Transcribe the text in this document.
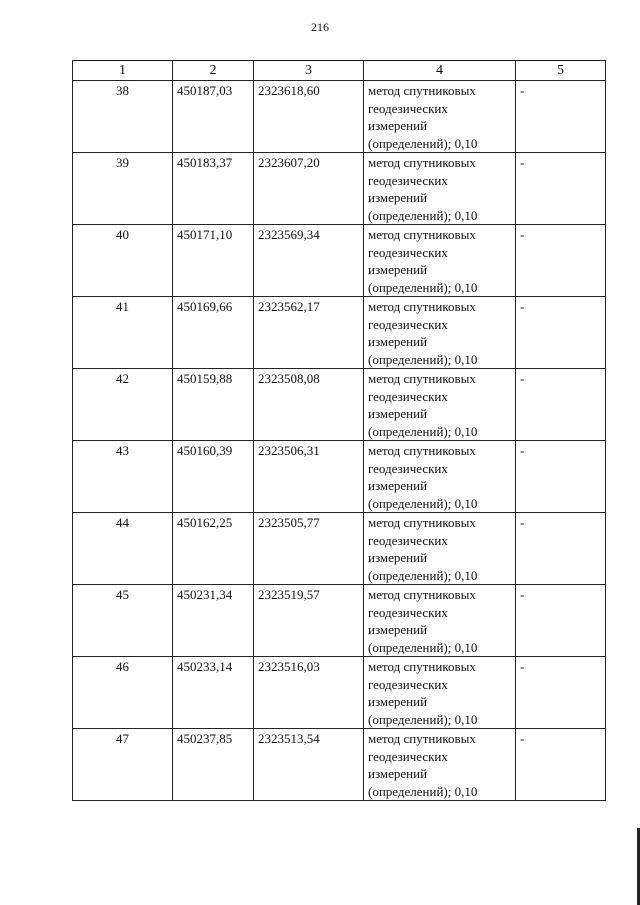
216
1	2	3	4	5
38	450187,03	2323618,60	метод спутниковых
геодезических
измерений
(определений); 0,10	-
39	450183,37	2323607,20	метод спутниковых
геодезических
измерений
(определений); 0,10	-
40	450171,10	2323569,34	метод спутниковых
геодезических
измерений
(определений); 0,10	-
41	450169,66	2323562,17	метод спутниковых
геодезических
измерений
(определений); 0,10	-
42	450159,88	2323508,08	метод спутниковых
геодезических
измерений
(определений); 0,10	-
43	450160,39	2323506,31	метод спутниковых
геодезических
измерений
(определений); 0,10	-
44	450162,25	2323505,77	метод спутниковых
геодезических
измерений
(определений); 0,10	-
45	450231,34	2323519,57	метод спутниковых
геодезических
измерений
(определений); 0,10	-
46	450233,14	2323516,03	метод спутниковых
геодезических
измерений
(определений); 0,10	-
47	450237,85	2323513,54	метод спутниковых
геодезических
измерений
(определений); 0,10	-
